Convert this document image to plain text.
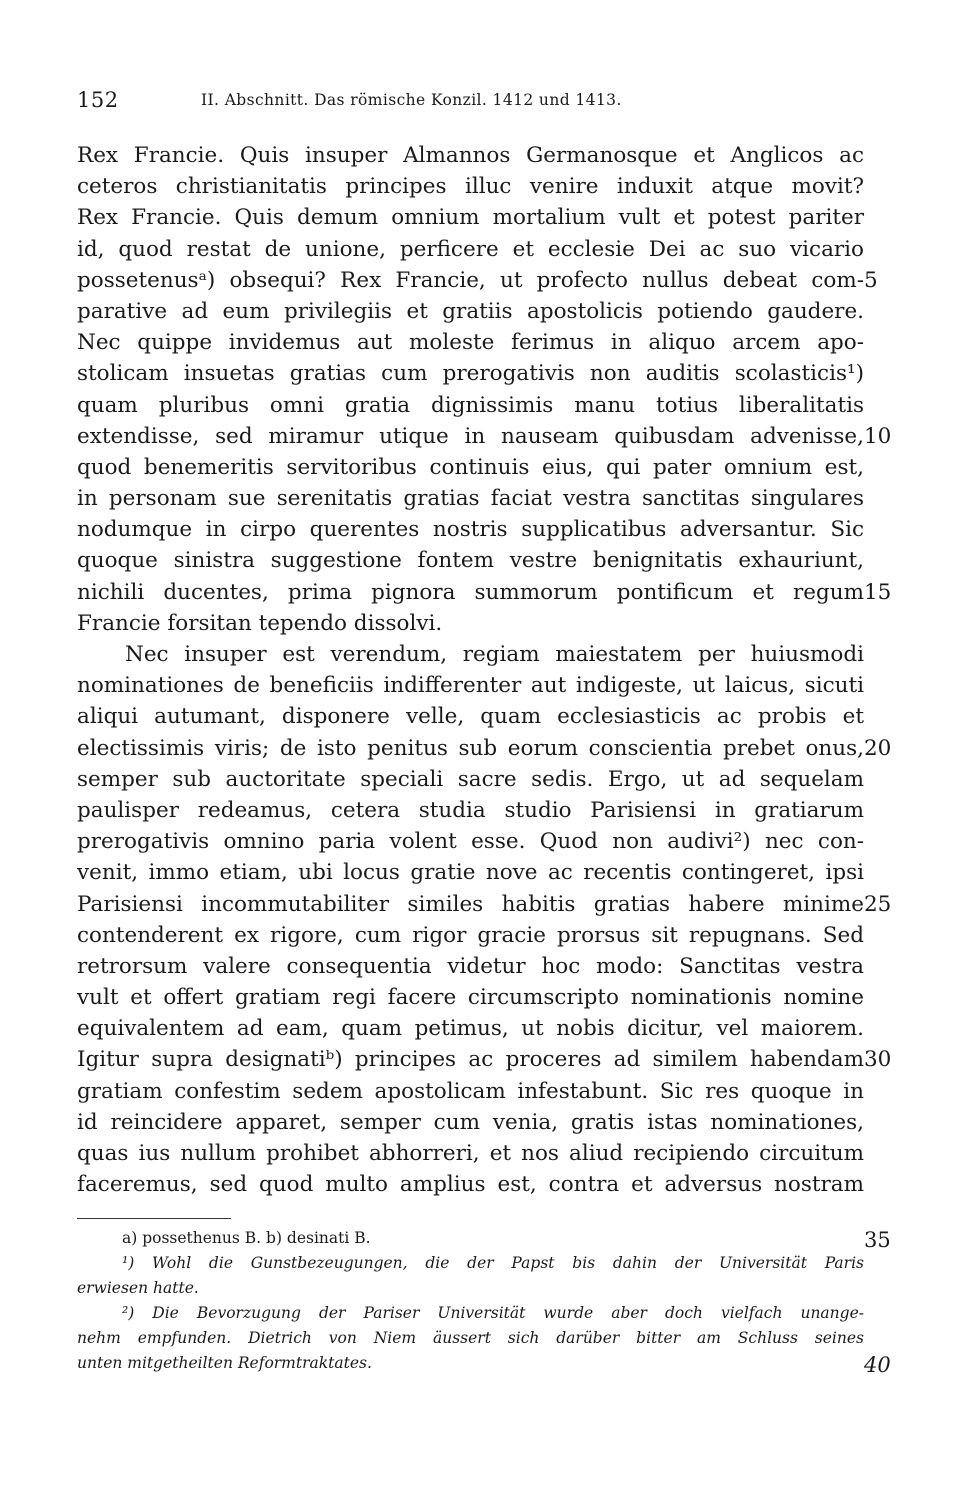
152	II. Abschnitt. Das römische Konzil. 1412 und 1413.
Rex Francie. Quis insuper Almannos Germanosque et Anglicos ac
ceteros christianitatis principes illuc venire induxit atque movit?
Rex Francie. Quis demum omnium mortalium vult et potest pariter
id, quod restat de unione, perficere et ecclesie Dei ac suo vicario
possetenusᵃ) obsequi? Rex Francie, ut profecto nullus debeat com- 5
parative ad eum privilegiis et gratiis apostolicis potiendo gaudere.
Nec quippe invidemus aut moleste ferimus in aliquo arcem apo-
stolicam insuetas gratias cum prerogativis non auditis scolasticis¹)
quam pluribus omni gratia dignissimis manu totius liberalitatis
extendisse, sed miramur utique in nauseam quibusdam advenisse, 10
quod benemeritis servitoribus continuis eius, qui pater omnium est,
in personam sue serenitatis gratias faciat vestra sanctitas singulares
nodumque in cirpo querentes nostris supplicatibus adversantur. Sic
quoque sinistra suggestione fontem vestre benignitatis exhauriunt,
nichili ducentes, prima pignora summorum pontificum et regum 15
Francie forsitan tependo dissolvi.
Nec insuper est verendum, regiam maiestatem per huiusmodi
nominationes de beneficiis indifferenter aut indigeste, ut laicus, sicuti
aliqui autumant, disponere velle, quam ecclesiasticis ac probis et
electissimis viris; de isto penitus sub eorum conscientia prebet onus, 20
semper sub auctoritate speciali sacre sedis. Ergo, ut ad sequelam
paulisper redeamus, cetera studia studio Parisiensi in gratiarum
prerogativis omnino paria volent esse. Quod non audivi²) nec con-
venit, immo etiam, ubi locus gratie nove ac recentis contingeret, ipsi
Parisiensi incommutabiliter similes habitis gratias habere minime 25
contenderent ex rigore, cum rigor gracie prorsus sit repugnans. Sed
retrorsum valere consequentia videtur hoc modo: Sanctitas vestra
vult et offert gratiam regi facere circumscripto nominationis nomine
equivalentem ad eam, quam petimus, ut nobis dicitur, vel maiorem.
Igitur supra designatiᵇ) principes ac proceres ad similem habendam 30
gratiam confestim sedem apostolicam infestabunt. Sic res quoque in
id reincidere apparet, semper cum venia, gratis istas nominationes,
quas ius nullum prohibet abhorreri, et nos aliud recipiendo circuitum
faceremus, sed quod multo amplius est, contra et adversus nostram
a) possethenus B. b) desinati B.	35
¹) Wohl die Gunstbezeugungen, die der Papst bis dahin der Universität Paris
erwiesen hatte.
²) Die Bevorzugung der Pariser Universität wurde aber doch vielfach unange-
nehm empfunden. Dietrich von Niem äussert sich darüber bitter am Schluss seines
unten mitgetheilten Reformtraktates.	40
